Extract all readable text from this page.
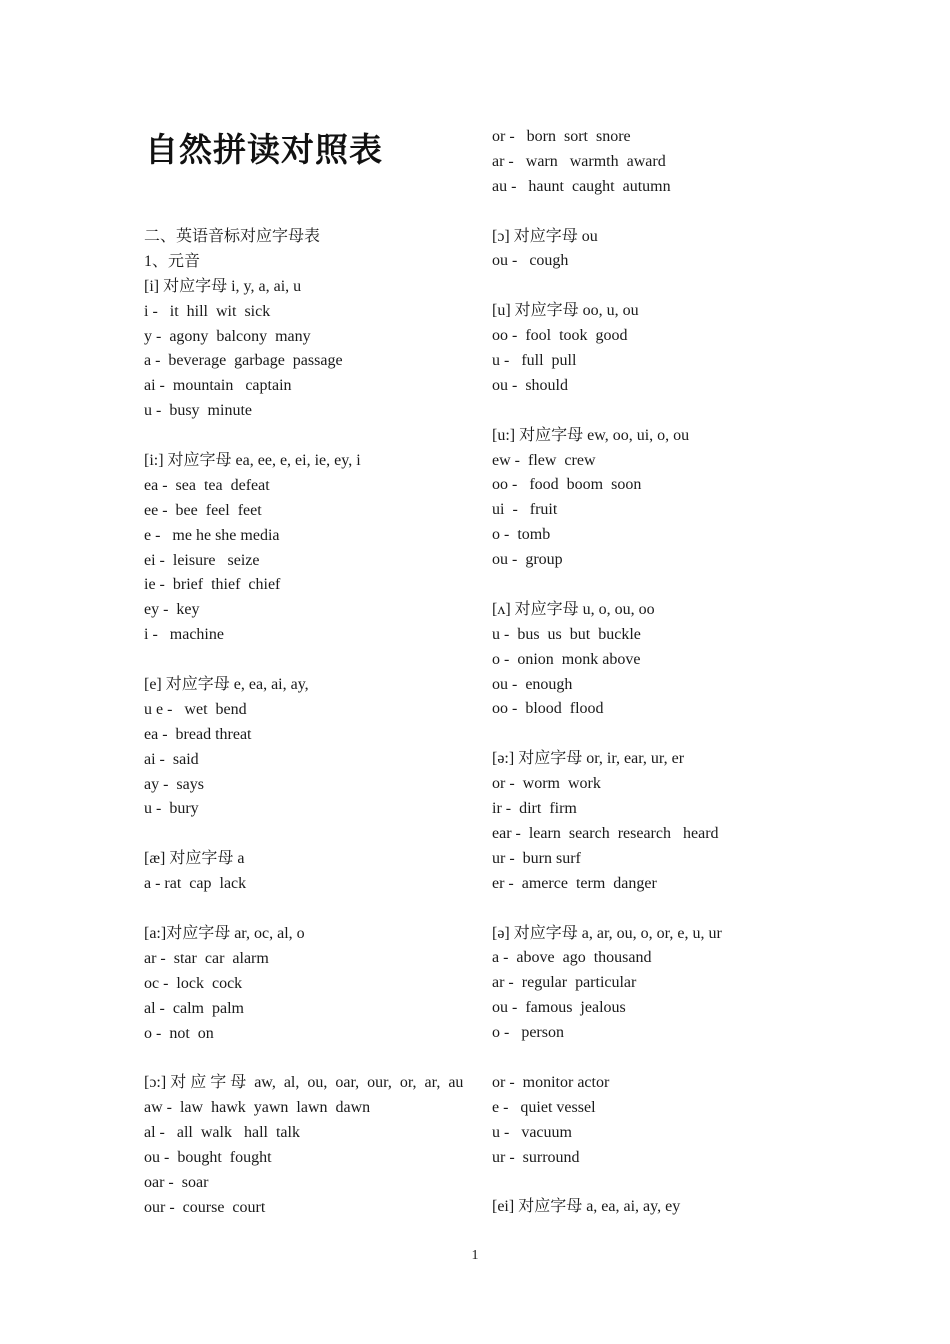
自然拼读对照表
二、英语音标对应字母表
1、元音
[i] 对应字母 i, y, a, ai, u
i -   it  hill  wit  sick
y -  agony  balcony  many
a -  beverage  garbage  passage
ai -  mountain   captain
u -  busy  minute
[i:] 对应字母 ea, ee, e, ei, ie, ey, i
ea -  sea  tea  defeat
ee -  bee  feel  feet
e -   me he she media
ei -  leisure   seize
ie -  brief  thief  chief
ey -  key
i -   machine
[e] 对应字母 e, ea, ai, ay,
u e -   wet  bend
ea -  bread threat
ai -  said
ay -  says
u -  bury
[æ] 对应字母 a
a - rat  cap  lack
[a:]对应字母 ar, oc, al, o
ar -  star  car  alarm
oc -  lock  cock
al -  calm  palm
o -  not  on
[ɔ:] 对 应 字 母  aw,  al,  ou,  oar,  our,  or,  ar,  au
aw -  law  hawk  yawn  lawn  dawn
al -   all  walk   hall  talk
ou -  bought  fought
oar -  soar
our -  course  court
or -   born  sort  snore
ar -   warn   warmth  award
au -   haunt  caught  autumn
[ɔ] 对应字母 ou
ou -   cough
[u] 对应字母 oo, u, ou
oo -  fool  took  good
u -   full  pull
ou -  should
[u:] 对应字母 ew, oo, ui, o, ou
ew -  flew  crew
oo -   food  boom  soon
ui  -   fruit
o -  tomb
ou -  group
[ʌ] 对应字母 u, o, ou, oo
u -  bus  us  but  buckle
o -  onion  monk above
ou -  enough
oo -  blood  flood
[ə:] 对应字母 or, ir, ear, ur, er
or -  worm  work
ir -  dirt  firm
ear -  learn  search  research   heard
ur -  burn surf
er -  amerce  term  danger
[ə] 对应字母 a, ar, ou, o, or, e, u, ur
a -  above  ago  thousand
ar -  regular  particular
ou -  famous  jealous
o -   person
or -  monitor actor
e -   quiet vessel
u -   vacuum
ur -  surround
[ei] 对应字母 a, ea, ai, ay, ey
1
